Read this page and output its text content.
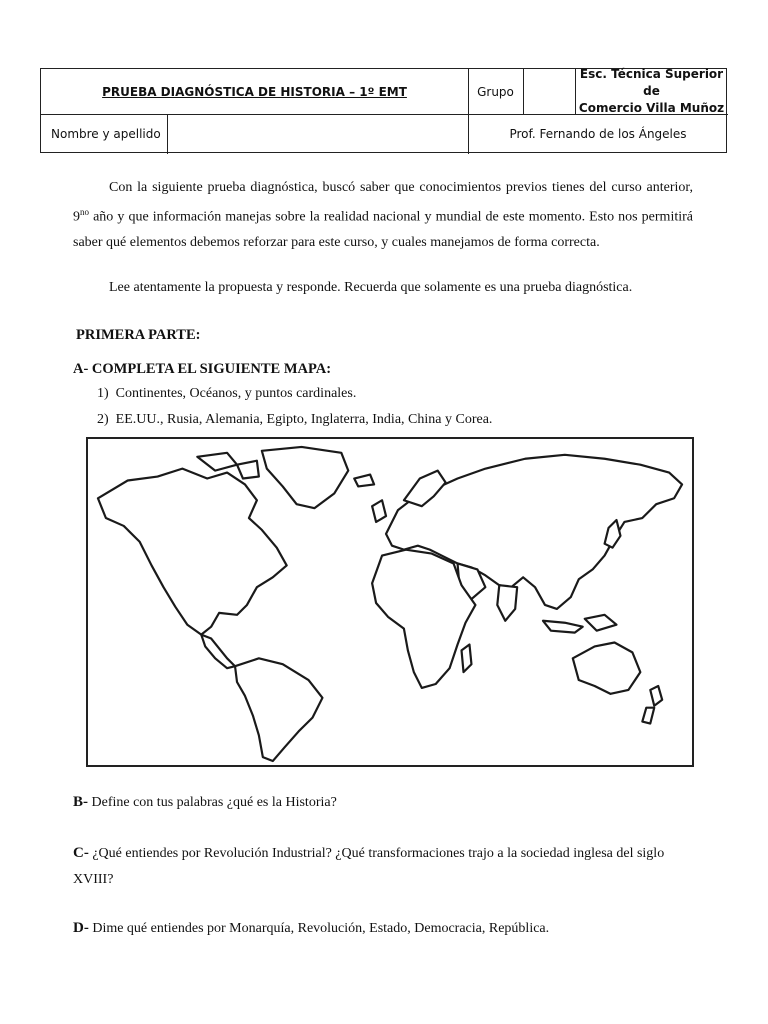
PRUEBA DIAGNÓSTICA DE HISTORIA – 1º EMT	Grupo
Esc. Técnica Superior de
Comercio Villa Muñoz
Nombre y apellido	Prof. Fernando de los Ángeles
Con la siguiente prueba diagnóstica, buscó saber que conocimientos previos tienes del curso anterior, $9^{no}$ año y que información manejas sobre la realidad nacional y mundial de este momento. Esto nos permitirá saber qué elementos debemos reforzar para este curso, y cuales manejamos de forma correcta.
Lee atentamente la propuesta y responde. Recuerda que solamente es una prueba diagnóstica.
PRIMERA PARTE:
A- COMPLETA EL SIGUIENTE MAPA:
1) Continentes, Océanos, y puntos cardinales.
2) EE.UU., Rusia, Alemania, Egipto, Inglaterra, India, China y Corea.
B- Define con tus palabras ¿qué es la Historia?
C- ¿Qué entiendes por Revolución Industrial? ¿Qué transformaciones trajo a la sociedad inglesa del siglo XVIII?
D- Dime qué entiendes por Monarquía, Revolución, Estado, Democracia, República.
